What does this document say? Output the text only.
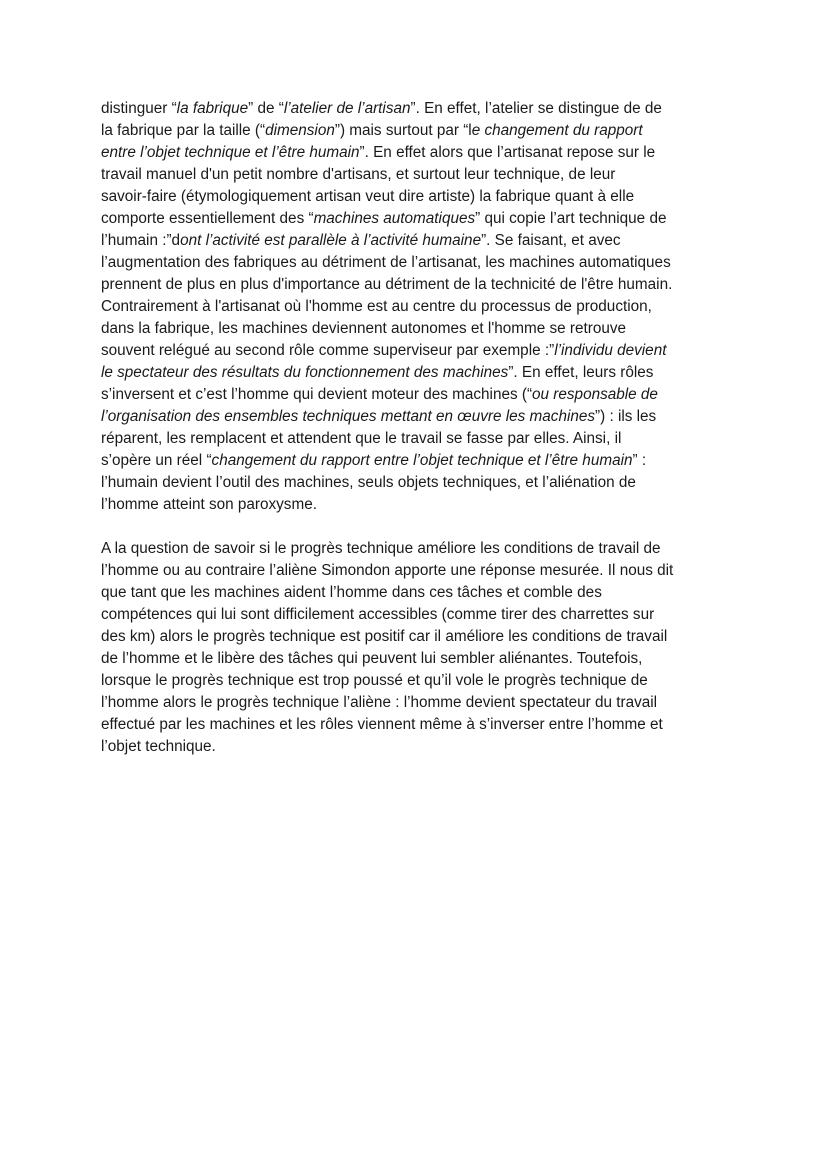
distinguer “la fabrique” de “l’atelier de l’artisan”. En effet, l’atelier se distingue de de
la fabrique par la taille (“dimension”) mais surtout par “le changement du rapport
entre l’objet technique et l’être humain”. En effet alors que l’artisanat repose sur le
travail manuel d'un petit nombre d'artisans, et surtout leur technique, de leur
savoir-faire (étymologiquement artisan veut dire artiste) la fabrique quant à elle
comporte essentiellement des “machines automatiques” qui copie l’art technique de
l’humain :”dont l’activité est parallèle à l’activité humaine”. Se faisant, et avec
l’augmentation des fabriques au détriment de l’artisanat, les machines automatiques
prennent de plus en plus d'importance au détriment de la technicité de l'être humain.
Contrairement à l'artisanat où l'homme est au centre du processus de production,
dans la fabrique, les machines deviennent autonomes et l'homme se retrouve
souvent relégué au second rôle comme superviseur par exemple :”l’individu devient
le spectateur des résultats du fonctionnement des machines”. En effet, leurs rôles
s’inversent et c’est l’homme qui devient moteur des machines (“ou responsable de
l’organisation des ensembles techniques mettant en œuvre les machines”) : ils les
réparent, les remplacent et attendent que le travail se fasse par elles. Ainsi, il
s’opère un réel “changement du rapport entre l’objet technique et l’être humain” :
l’humain devient l’outil des machines, seuls objets techniques, et l’aliénation de
l’homme atteint son paroxysme.

A la question de savoir si le progrès technique améliore les conditions de travail de
l’homme ou au contraire l’aliène Simondon apporte une réponse mesurée. Il nous dit
que tant que les machines aident l’homme dans ces tâches et comble des
compétences qui lui sont difficilement accessibles (comme tirer des charrettes sur
des km) alors le progrès technique est positif car il améliore les conditions de travail
de l’homme et le libère des tâches qui peuvent lui sembler aliénantes. Toutefois,
lorsque le progrès technique est trop poussé et qu’il vole le progrès technique de
l’homme alors le progrès technique l’aliène : l’homme devient spectateur du travail
effectué par les machines et les rôles viennent même à s’inverser entre l’homme et
l’objet technique.
